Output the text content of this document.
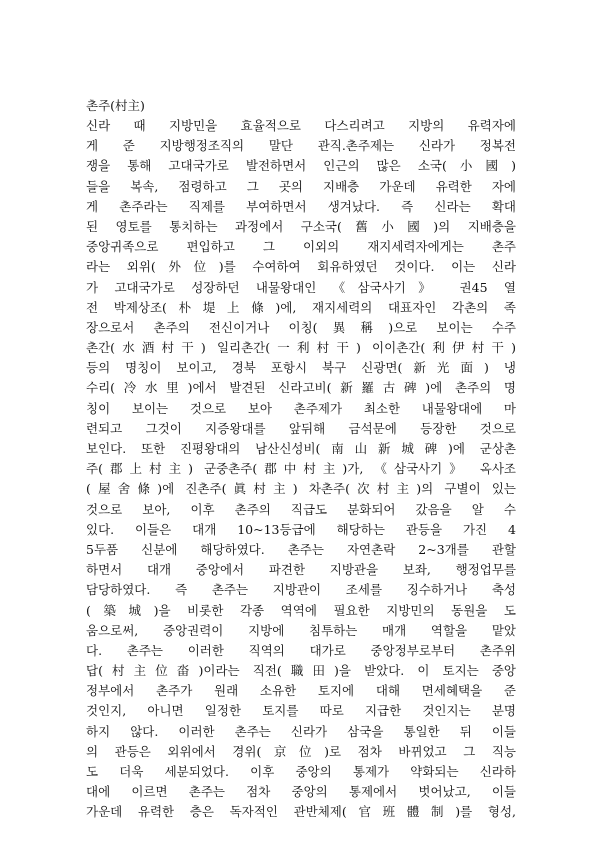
촌주(村主)
신라 때 지방민을 효율적으로 다스리려고 지방의 유력자에
게 준 지방행정조직의 말단 관직.촌주제는 신라가 정복전
쟁을 통해 고대국가로 발전하면서 인근의 많은 소국(小國)
들을 복속, 점령하고 그 곳의 지배층 가운데 유력한 자에
게 촌주라는 직제를 부여하면서 생겨났다. 즉 신라는 확대
된 영토를 통치하는 과정에서 구소국(舊小國)의 지배층을
중앙귀족으로 편입하고 그 이외의 재지세력자에게는 촌주
라는 외위(外位)를 수여하여 회유하였던 것이다. 이는 신라
가 고대국가로 성장하던 내물왕대인 《삼국사기》 권45 열
전 박제상조(朴堤上條)에, 재지세력의 대표자인 각촌의 족
장으로서 촌주의 전신이거나 이칭(異稱)으로 보이는 수주
촌간(水酒村干) 일리촌간(一利村干) 이이촌간(利伊村干)
등의 명칭이 보이고, 경북 포항시 북구 신광면(新光面) 냉
수리(冷水里)에서 발견된 신라고비(新羅古碑)에 촌주의 명
칭이 보이는 것으로 보아 촌주제가 최소한 내물왕대에 마
련되고 그것이 지증왕대를 앞뒤해 금석문에 등장한 것으로
보인다. 또한 진평왕대의 남산신성비(南山新城碑)에 군상촌
주(郡上村主) 군중촌주(郡中村主)가, 《삼국사기》 옥사조
(屋舍條)에 진촌주(眞村主) 차촌주(次村主)의 구별이 있는
것으로 보아, 이후 촌주의 직급도 분화되어 갔음을 알 수
있다. 이들은 대개 10~13등급에 해당하는 관등을 가진 4
5두품 신분에 해당하였다. 촌주는 자연촌락 2~3개를 관할
하면서 대개 중앙에서 파견한 지방관을 보좌, 행정업무를
담당하였다. 즉 촌주는 지방관이 조세를 징수하거나 축성
(築城)을 비롯한 각종 역역에 필요한 지방민의 동원을 도
움으로써, 중앙권력이 지방에 침투하는 매개 역할을 맡았
다. 촌주는 이러한 직역의 대가로 중앙정부로부터 촌주위
답(村主位畓)이라는 직전(職田)을 받았다. 이 토지는 중앙
정부에서 촌주가 원래 소유한 토지에 대해 면세혜택을 준
것인지, 아니면 일정한 토지를 따로 지급한 것인지는 분명
하지 않다. 이러한 촌주는 신라가 삼국을 통일한 뒤 이들
의 관등은 외위에서 경위(京位)로 점차 바뀌었고 그 직능
도 더욱 세분되었다. 이후 중앙의 통제가 약화되는 신라하
대에 이르면 촌주는 점차 중앙의 통제에서 벗어났고, 이들
가운데 유력한 층은 독자적인 관반체제(官班體制)를 형성,
